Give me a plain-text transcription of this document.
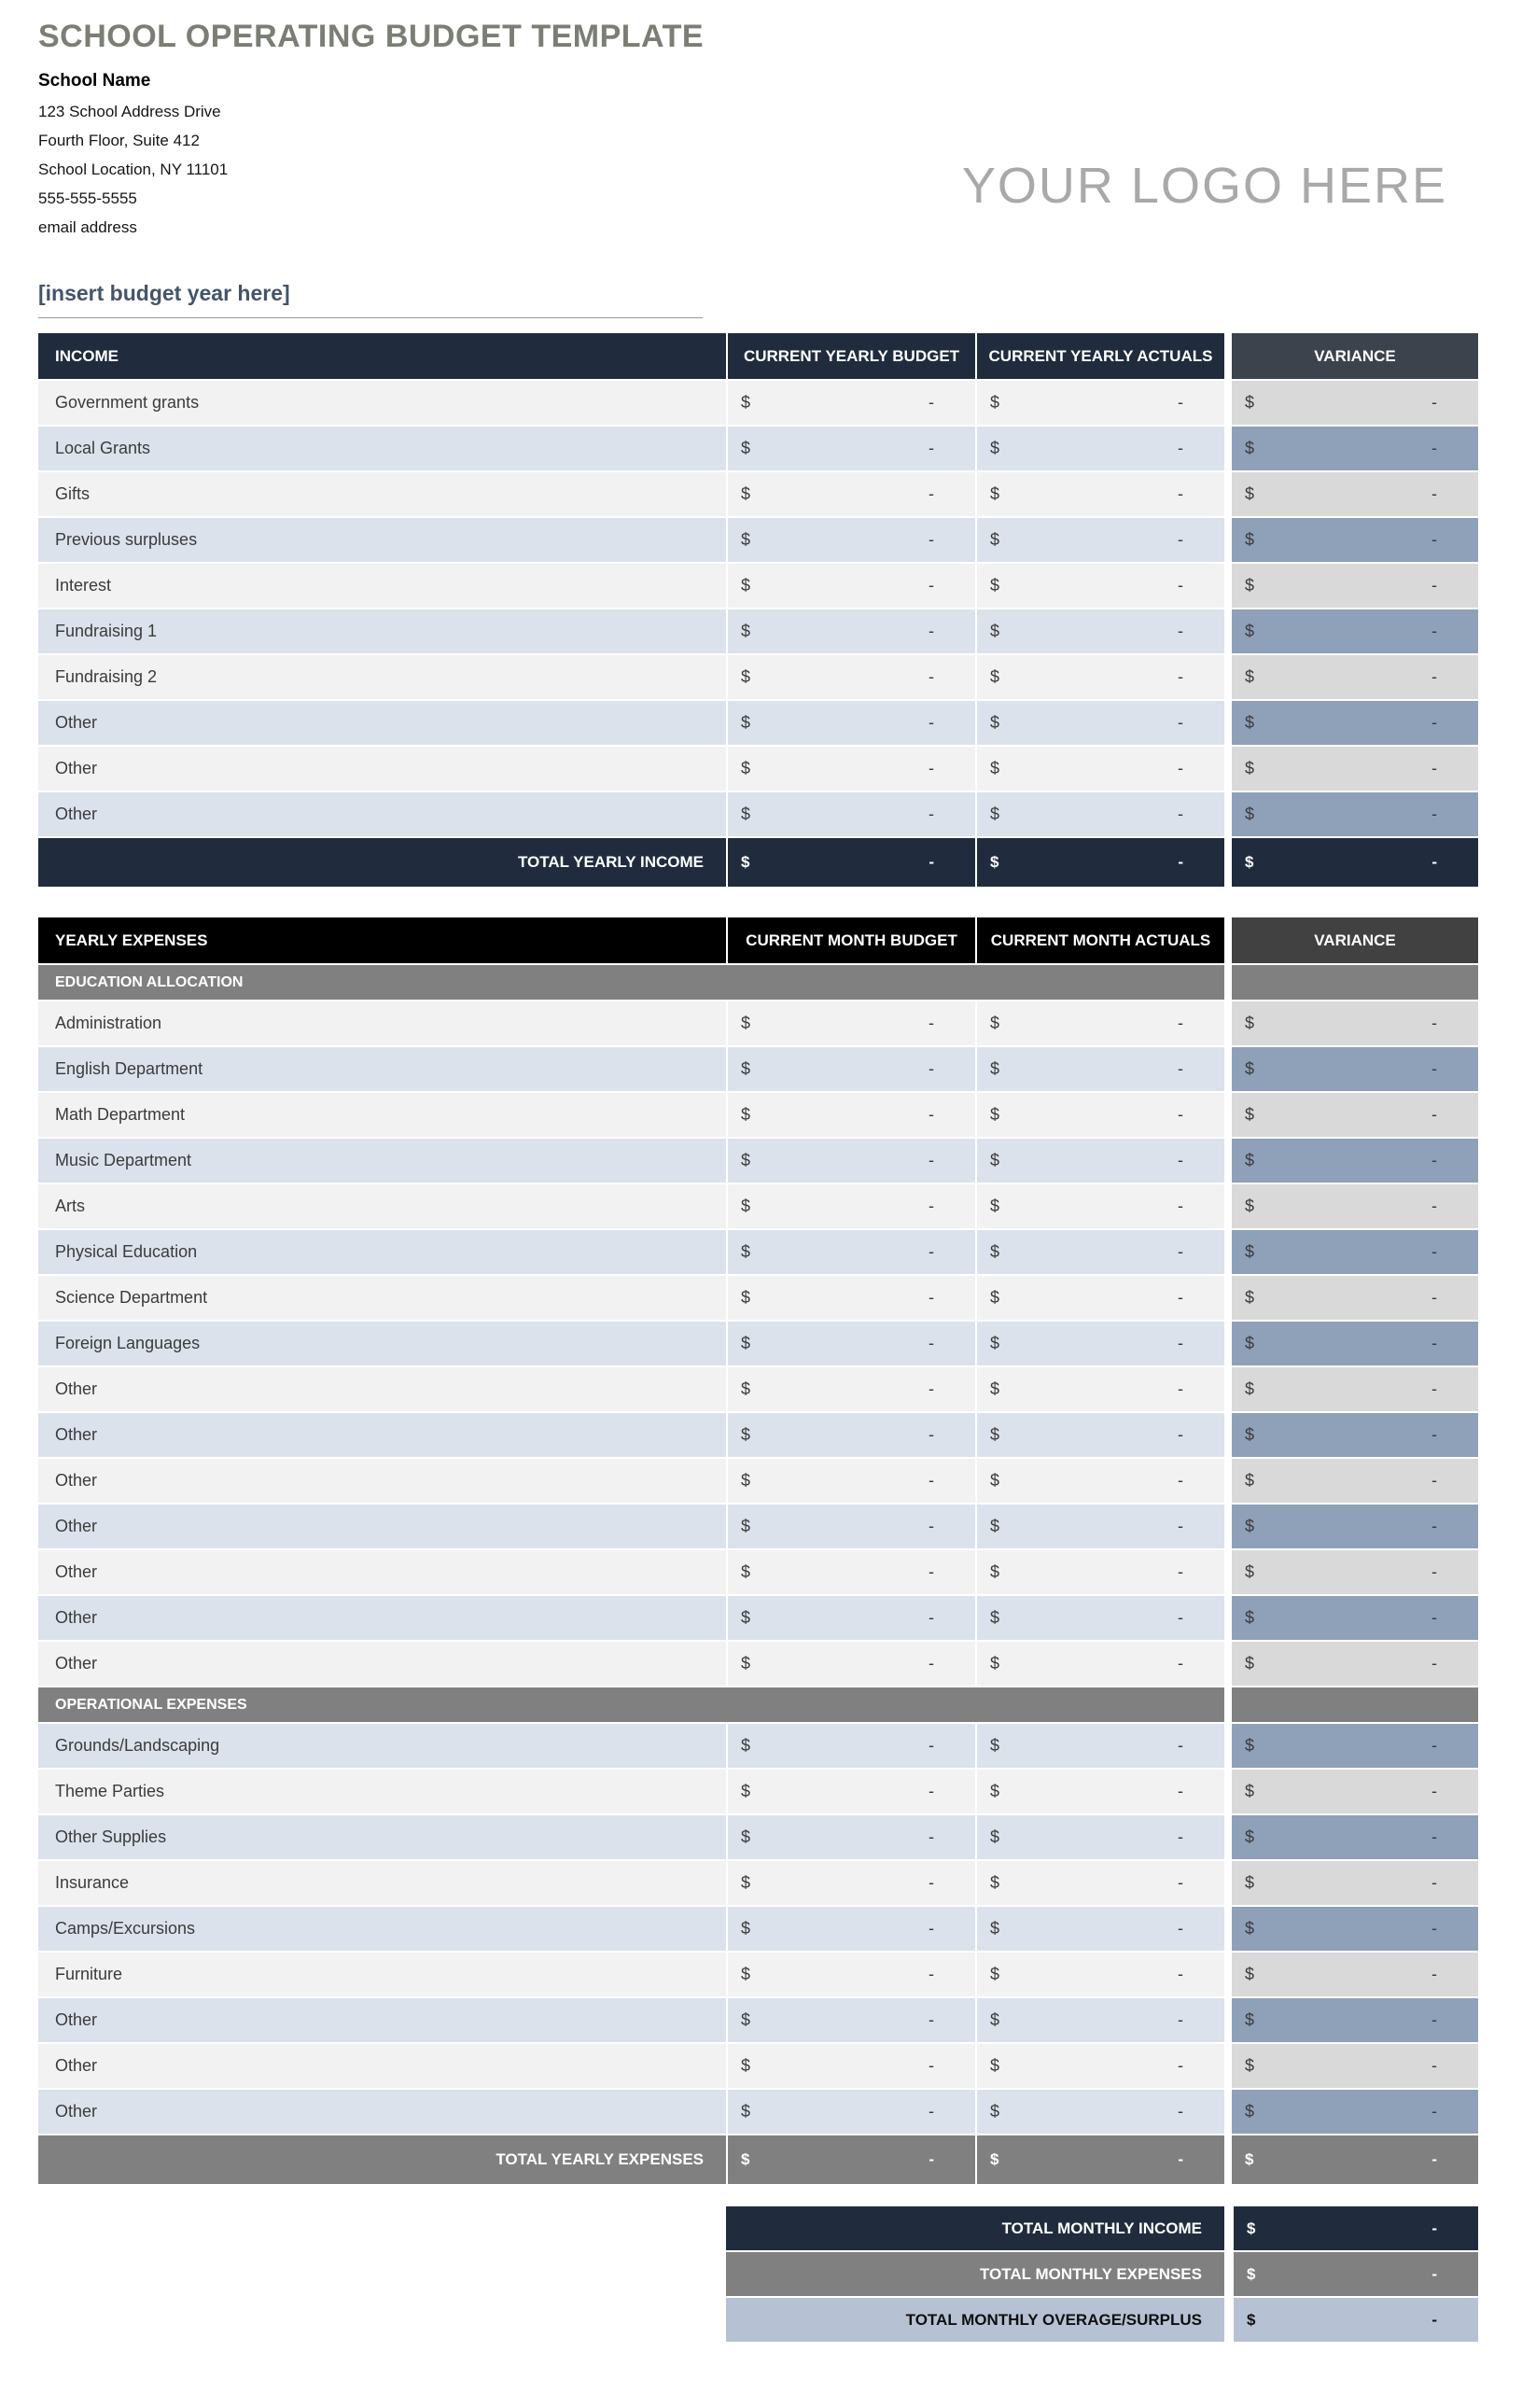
SCHOOL OPERATING BUDGET TEMPLATE
School Name
123 School Address Drive
Fourth Floor, Suite 412
School Location, NY 11101
555-555-5555
email address
YOUR LOGO HERE
[insert budget year here]
INCOME	CURRENT YEARLY BUDGET	CURRENT YEARLY ACTUALS	VARIANCE
Government grants	$	-	$	-	$	-
Local Grants	$	-	$	-	$	-
Gifts	$	-	$	-	$	-
Previous surpluses	$	-	$	-	$	-
Interest	$	-	$	-	$	-
Fundraising 1	$	-	$	-	$	-
Fundraising 2	$	-	$	-	$	-
Other	$	-	$	-	$	-
Other	$	-	$	-	$	-
Other	$	-	$	-	$	-
TOTAL YEARLY INCOME	$	-	$	-	$	-
YEARLY EXPENSES	CURRENT MONTH BUDGET	CURRENT MONTH ACTUALS	VARIANCE
EDUCATION ALLOCATION
Administration	$	-	$	-	$	-
English Department	$	-	$	-	$	-
Math Department	$	-	$	-	$	-
Music Department	$	-	$	-	$	-
Arts	$	-	$	-	$	-
Physical Education	$	-	$	-	$	-
Science Department	$	-	$	-	$	-
Foreign Languages	$	-	$	-	$	-
Other	$	-	$	-	$	-
Other	$	-	$	-	$	-
Other	$	-	$	-	$	-
Other	$	-	$	-	$	-
Other	$	-	$	-	$	-
Other	$	-	$	-	$	-
Other	$	-	$	-	$	-
OPERATIONAL EXPENSES
Grounds/Landscaping	$	-	$	-	$	-
Theme Parties	$	-	$	-	$	-
Other Supplies	$	-	$	-	$	-
Insurance	$	-	$	-	$	-
Camps/Excursions	$	-	$	-	$	-
Furniture	$	-	$	-	$	-
Other	$	-	$	-	$	-
Other	$	-	$	-	$	-
Other	$	-	$	-	$	-
TOTAL YEARLY EXPENSES	$	-	$	-	$	-
TOTAL MONTHLY INCOME	$	-
TOTAL MONTHLY EXPENSES	$	-
TOTAL MONTHLY OVERAGE/SURPLUS	$	-
